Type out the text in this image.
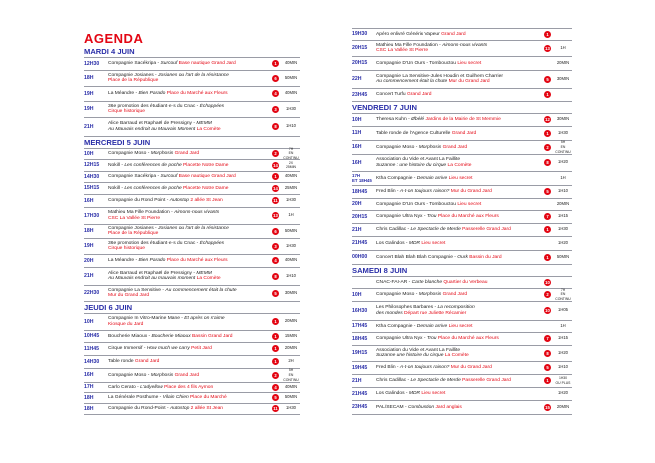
AGENDA
MARDI 4 JUIN
12H30	Compagnie Sacékripa - Surcouf Base nautique Grand Jard	1	40MIN
18H	Compagnie Josianes - Josianes ou l'art de la résistance
Place de la République	6	50MIN
19H	La Méandre - Bien Parado Place du Marché aux Fleurs	4	40MIN
19H	36e promotion des étudiant·e·s du Cnac - Échappées
Cirque historique	3	1H30
21H	Alice Barraud et Raphaël de Pressigny - MEMM
Au Mauvais endroit au Mauvais Moment La Comète	8	1H10
MERCREDI 5 JUIN
10H	Compagnie Moso - Morphosis Grand Jard	2
7H
EN CONTINU
12H15	Nokill - Les conférences de poche Placette Notre Dame	14
2X
25MIN
14H30	Compagnie Sacékripa - Surcouf Base nautique Grand Jard	1	40MIN
15H15	Nokill - Les conférences de poche Placette Notre Dame	14	25MIN
16H	Compagnie du Rond Point - Autostop 2 allée St Jean	11	1H30
17H30	Mathieu Ma Fille Foundation - Aimons-nous vivants
CSC La Vallée St Pierre	13	1H
18H	Compagnie Josianes - Josianes ou l'art de la résistance
Place de la République	6	50MIN
19H	36e promotion des étudiant·e·s du Cnac - Échappées
Cirque historique	3	1H30
20H	La Méandre - Bien Parado Place du Marché aux Fleurs	4	40MIN
21H	Alice Barraud et Raphaël de Pressigny - MEMM
Au Mauvais endroit au mauvais moment La Comète	8	1H10
22H30	Compagnie La Sensitive - Au commencement était la chute
Mur du Grand Jard	5	30MIN
JEUDI 6 JUIN
10H	Compagnie In Vitro-Marine Mane - Et après on s'aime
Kiosque du Jard	1	20MIN
10H45	Boucherie Miaoux - Boucherie Miaoux Bassin Grand Jard	1	15MIN
11H45	Cirque Immersif - How much we carry Petit Jard	1	20MIN
14H30	Table ronde Grand Jard	1	2H
16H	Compagnie Moso - Morphosis Grand Jard	2
5H
EN CONTINU
17H	Carlo Cerato - L'adyellow Place des 4 fils Aymon	4	40MIN
18H	La Générale Posthume - Vilain Chien Place du Marché	5	50MIN
18H	Compagnie du Rond-Point - Autostop 2 allée St Jean	11	1H30
19H30	Apéro enlivré Génériк Vapeur Grand Jard	1
20H15	Mathieu Ma Fille Foundation - Aimons-nous vivants
CSC La Vallée St Pierre	13	1H
20H15	Compagnie D'Un Ours - Tombouctou Lieu secret	20MIN
22H	Compagnie La Sensitive-Jules Houdin et Guilhem Charrier
Au commencement était la chute Mur du Grand Jard	5	30MIN
23H45	Concert Turfu Grand Jard	1
VENDREDI 7 JUIN
10H	Theresa Kuhn - Øbélé Jardins de la Mairie de St Memmie	12	30MIN
11H	Table ronde de l'Agence Culturelle Grand Jard	1	1H30
16H	Compagnie Moso - Morphosis Grand Jard	2
5H
EN CONTINU
16H	Association du Vide et Avant La Faillite
Suzanne : une histoire du cirque La Comète	8	1H20
17H
ET 18H45
Ktha Compagnie - Demain arrive Lieu secret	1H
18H45	Fred Blin - A-t-on toujours raison? Mur du Grand Jard	5	1H10
20H	Compagnie D'Un Ours - Tombouctou Lieu secret	20MIN
20H15	Compagnie Ultra Nyx - Trou Place du Marché aux Fleurs	7	1H15
21H	Chris Cadillac - Le Spectacle de Merde Passerelle Grand Jard	1	1H30
21H45	Los Galindos - MDR Lieu secret	1H20
00H00	Concert Blah Blah Blah Compagnie - Ourk Bassin du Jard	1	50MIN
SAMEDI 8 JUIN
CNAC-FAI-AR - Carte blanche Quartier du Verbeau	10
10H	Compagnie Moso - Morphosis Grand Jard	2
7H
EN CONTINU
16H30	Les Philosophes Barbares - La recomposition
des mondes Départ rue Juliette Récamier	10	1H05
17H45	Ktha Compagnie - Demain arrive Lieu secret	1H
18H45	Compagnie Ultra Nyx - Trou Place du Marché aux Fleurs	7	1H15
19H15	Association du Vide et Avant La Faillite
Suzanne une histoire du cirque La Comète	8	1H20
19H45	Fred Blin - A-t-on toujours raison? Mur du Grand Jard	5	1H10
21H	Chris Cadillac - Le Spectacle de Merde Passerelle Grand Jard	1
1H30
OU PLUS
21H45	Los Galindos - MDR Lieu secret	1H20
23H45	PAL/SECAM - Combustion Jard anglais	15	20MIN
